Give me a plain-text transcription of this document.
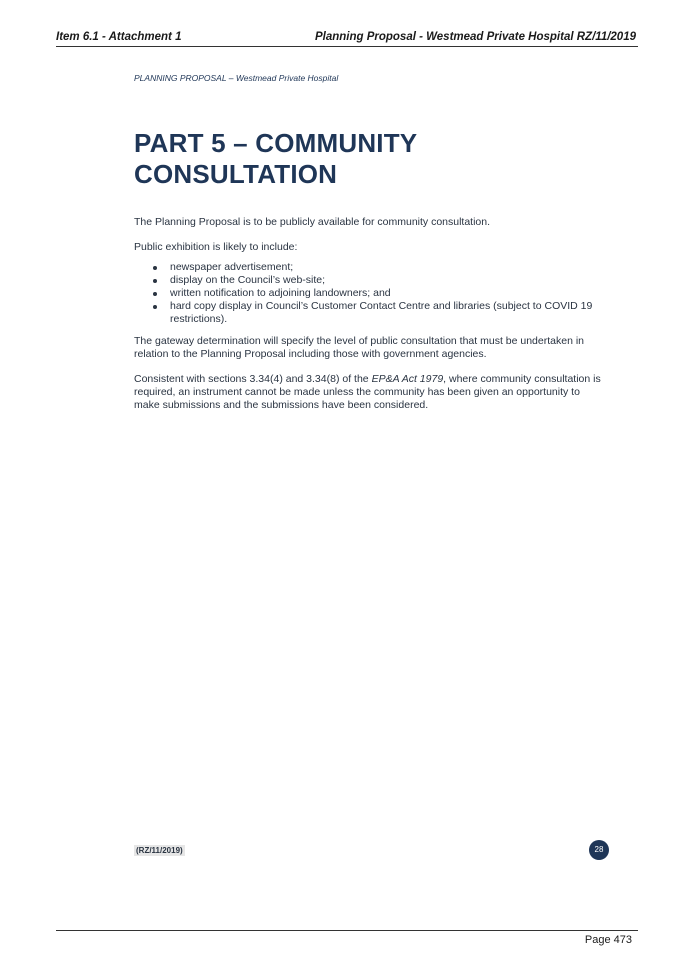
Item 6.1 - Attachment 1	Planning Proposal - Westmead Private Hospital RZ/11/2019
PLANNING PROPOSAL – Westmead Private Hospital
PART 5 – COMMUNITY CONSULTATION

The Planning Proposal is to be publicly available for community consultation.

Public exhibition is likely to include:

newspaper advertisement;
display on the Council’s web-site;
written notification to adjoining landowners; and
hard copy display in Council’s Customer Contact Centre and libraries (subject to COVID 19 restrictions).

The gateway determination will specify the level of public consultation that must be undertaken in relation to the Planning Proposal including those with government agencies.

Consistent with sections 3.34(4) and 3.34(8) of the EP&A Act 1979, where community consultation is required, an instrument cannot be made unless the community has been given an opportunity to make submissions and the submissions have been considered.

(RZ/11/2019)	28
Page 473
